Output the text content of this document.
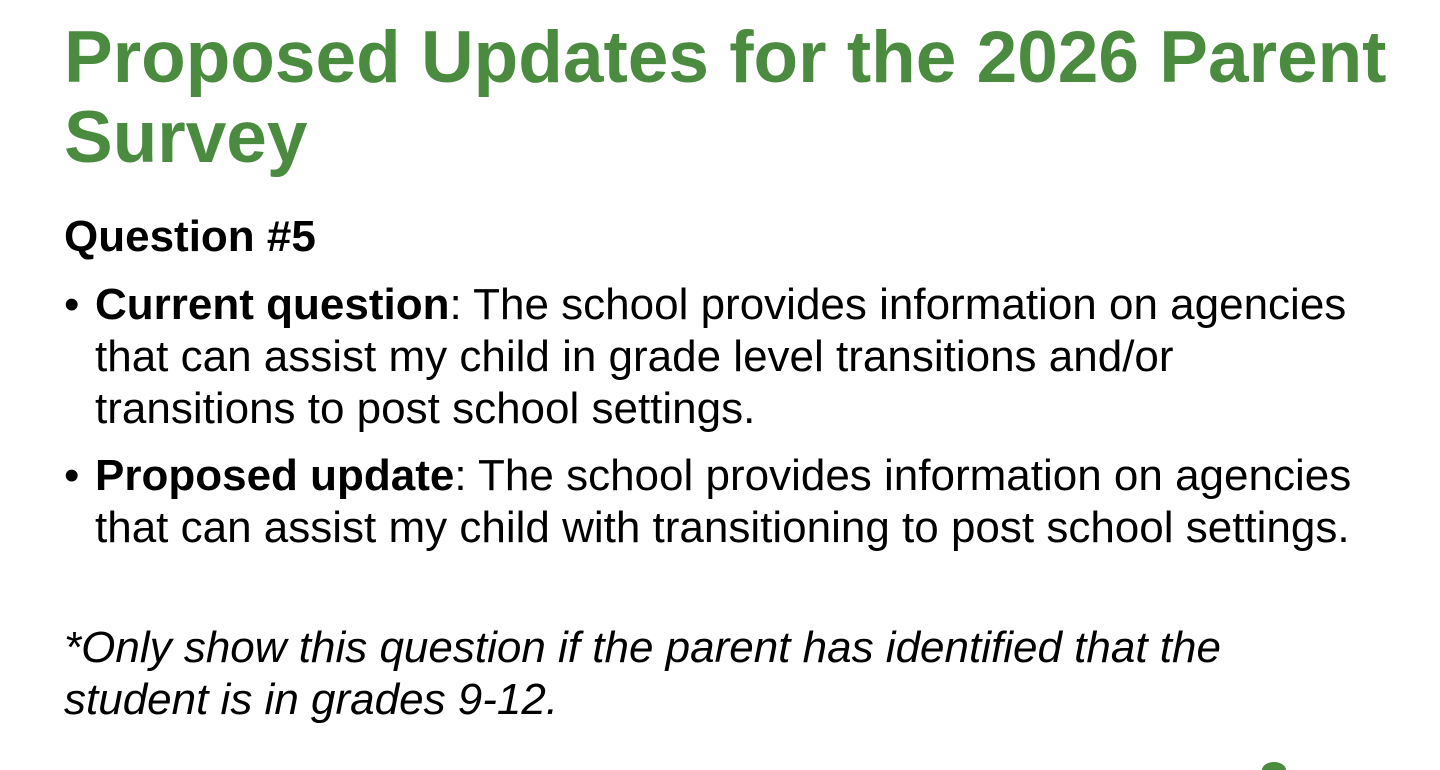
Proposed Updates for the 2026 Parent Survey
Question #5
• Current question: The school provides information on agencies that can assist my child in grade level transitions and/or transitions to post school settings.
• Proposed update: The school provides information on agencies that can assist my child with transitioning to post school settings.

*Only show this question if the parent has identified that the student is in grades 9-12.
